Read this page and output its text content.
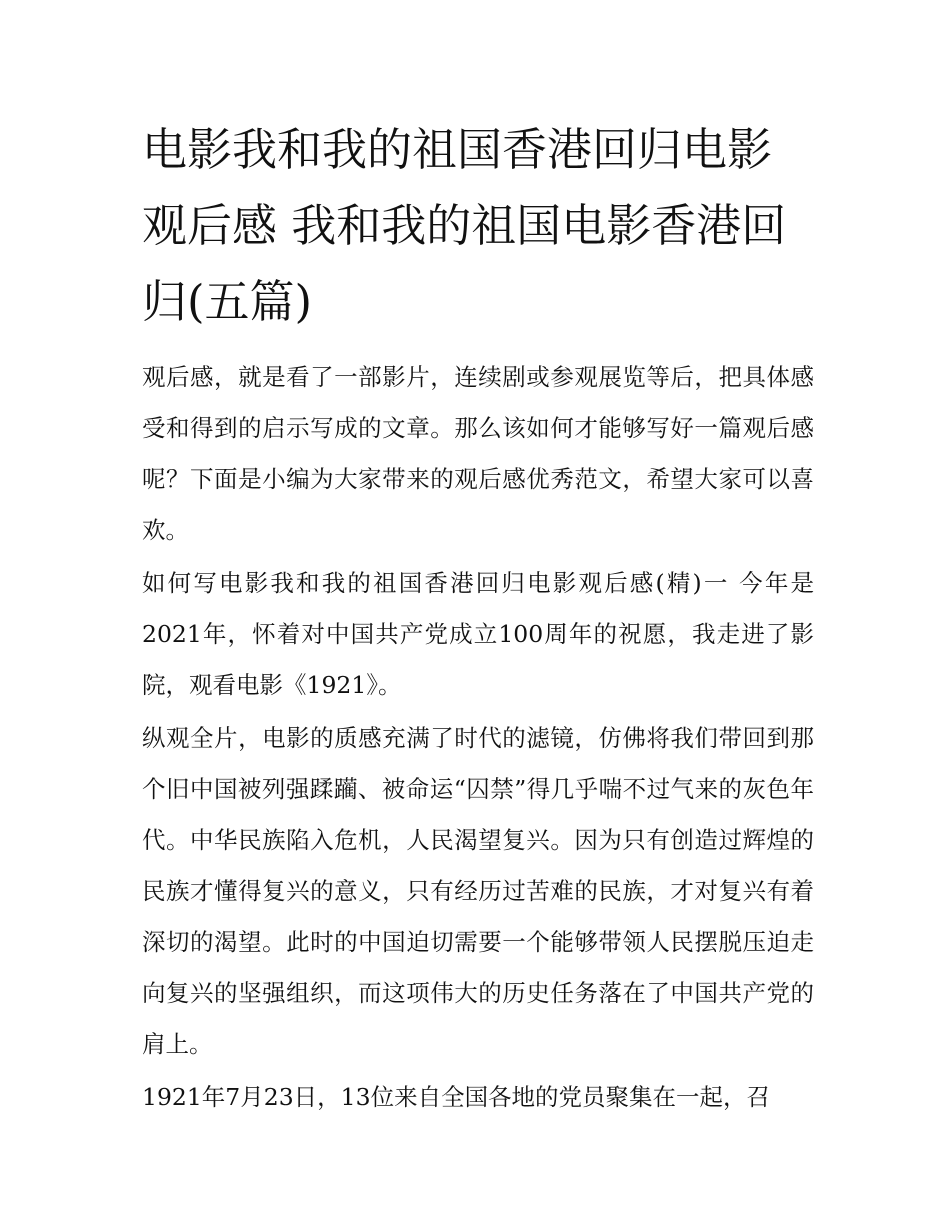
电影我和我的祖国香港回归电影观后感 我和我的祖国电影香港回归(五篇)

观后感，就是看了一部影片，连续剧或参观展览等后，把具体感受和得到的启示写成的文章。那么该如何才能够写好一篇观后感呢？下面是小编为大家带来的观后感优秀范文，希望大家可以喜欢。

如何写电影我和我的祖国香港回归电影观后感(精)一 今年是2021年，怀着对中国共产党成立100周年的祝愿，我走进了影院，观看电影《1921》。

纵观全片，电影的质感充满了时代的滤镜，仿佛将我们带回到那个旧中国被列强蹂躏、被命运“囚禁”得几乎喘不过气来的灰色年代。中华民族陷入危机，人民渴望复兴。因为只有创造过辉煌的民族才懂得复兴的意义，只有经历过苦难的民族，才对复兴有着深切的渴望。此时的中国迫切需要一个能够带领人民摆脱压迫走向复兴的坚强组织，而这项伟大的历史任务落在了中国共产党的肩上。

1921年7月23日，13位来自全国各地的党员聚集在一起，召
